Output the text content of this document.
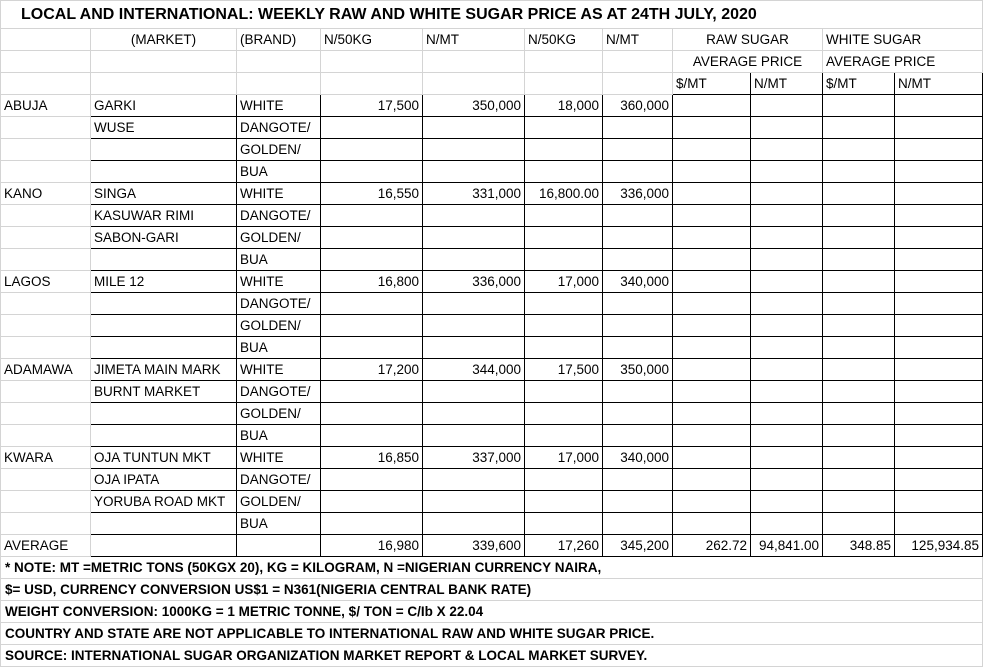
LOCAL AND INTERNATIONAL: WEEKLY RAW AND WHITE SUGAR PRICE AS AT 24TH JULY, 2020										
	(MARKET)	(BRAND)	N/50KG	N/MT	N/50KG	N/MT	RAW SUGAR		WHITE SUGAR	
							AVERAGE PRICE		AVERAGE PRICE	
							$/MT	N/MT	$/MT	N/MT
ABUJA	GARKI	WHITE	17,500	350,000	18,000	360,000				
	WUSE	DANGOTE/								
		GOLDEN/								
		BUA								
KANO	SINGA	WHITE	16,550	331,000	16,800.00	336,000				
	KASUWAR RIMI	DANGOTE/								
	SABON-GARI	GOLDEN/								
		BUA								
LAGOS	MILE 12	WHITE	16,800	336,000	17,000	340,000				
		DANGOTE/								
		GOLDEN/								
		BUA								
ADAMAWA	JIMETA MAIN MARK	WHITE	17,200	344,000	17,500	350,000				
	BURNT MARKET	DANGOTE/								
		GOLDEN/								
		BUA								
KWARA	OJA TUNTUN MKT	WHITE	16,850	337,000	17,000	340,000				
	OJA IPATA	DANGOTE/								
	YORUBA ROAD MKT	GOLDEN/								
		BUA								
AVERAGE			16,980	339,600	17,260	345,200	262.72	94,841.00	348.85	125,934.85
* NOTE: MT =METRIC TONS (50KGX 20), KG = KILOGRAM, N =NIGERIAN CURRENCY NAIRA,										
$= USD, CURRENCY CONVERSION US$1 = N361(NIGERIA CENTRAL BANK RATE)										
WEIGHT CONVERSION: 1000KG = 1 METRIC TONNE, $/ TON = C/Ib X 22.04										
COUNTRY AND STATE ARE NOT APPLICABLE TO INTERNATIONAL RAW AND WHITE SUGAR PRICE.										
SOURCE: INTERNATIONAL SUGAR ORGANIZATION MARKET REPORT & LOCAL MARKET SURVEY.										
